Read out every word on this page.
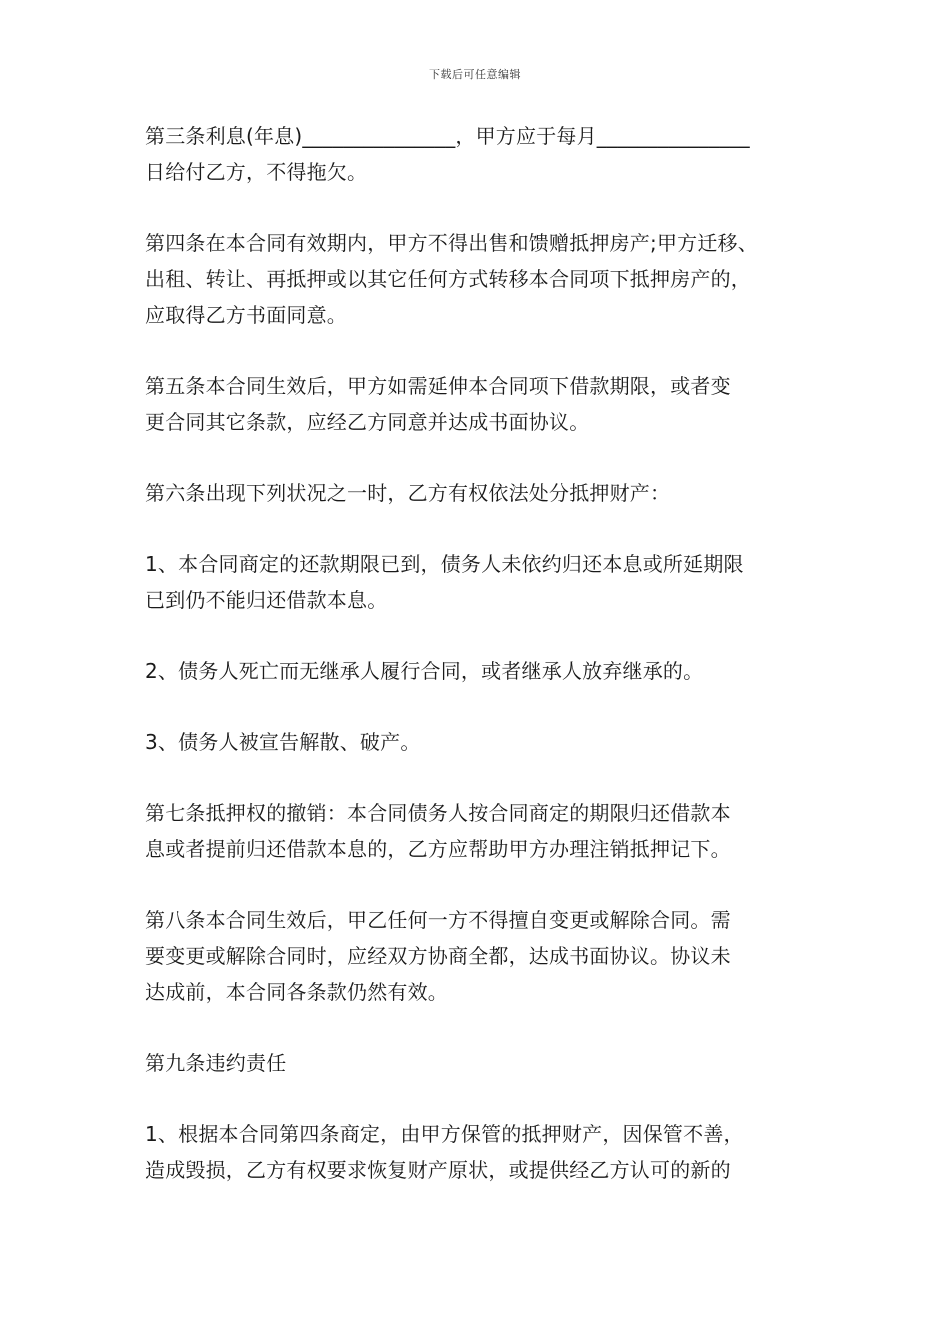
下载后可任意编辑

第三条利息(年息)_______________，甲方应于每月_______________
日给付乙方，不得拖欠。

第四条在本合同有效期内，甲方不得出售和馈赠抵押房产;甲方迁移、
出租、转让、再抵押或以其它任何方式转移本合同项下抵押房产的，
应取得乙方书面同意。

第五条本合同生效后，甲方如需延伸本合同项下借款期限，或者变
更合同其它条款，应经乙方同意并达成书面协议。

第六条出现下列状况之一时，乙方有权依法处分抵押财产：

1、本合同商定的还款期限已到，债务人未依约归还本息或所延期限
已到仍不能归还借款本息。

2、债务人死亡而无继承人履行合同，或者继承人放弃继承的。

3、债务人被宣告解散、破产。

第七条抵押权的撤销：本合同债务人按合同商定的期限归还借款本
息或者提前归还借款本息的，乙方应帮助甲方办理注销抵押记下。

第八条本合同生效后，甲乙任何一方不得擅自变更或解除合同。需
要变更或解除合同时，应经双方协商全都，达成书面协议。协议未
达成前，本合同各条款仍然有效。

第九条违约责任

1、根据本合同第四条商定，由甲方保管的抵押财产，因保管不善，
造成毁损，乙方有权要求恢复财产原状，或提供经乙方认可的新的
